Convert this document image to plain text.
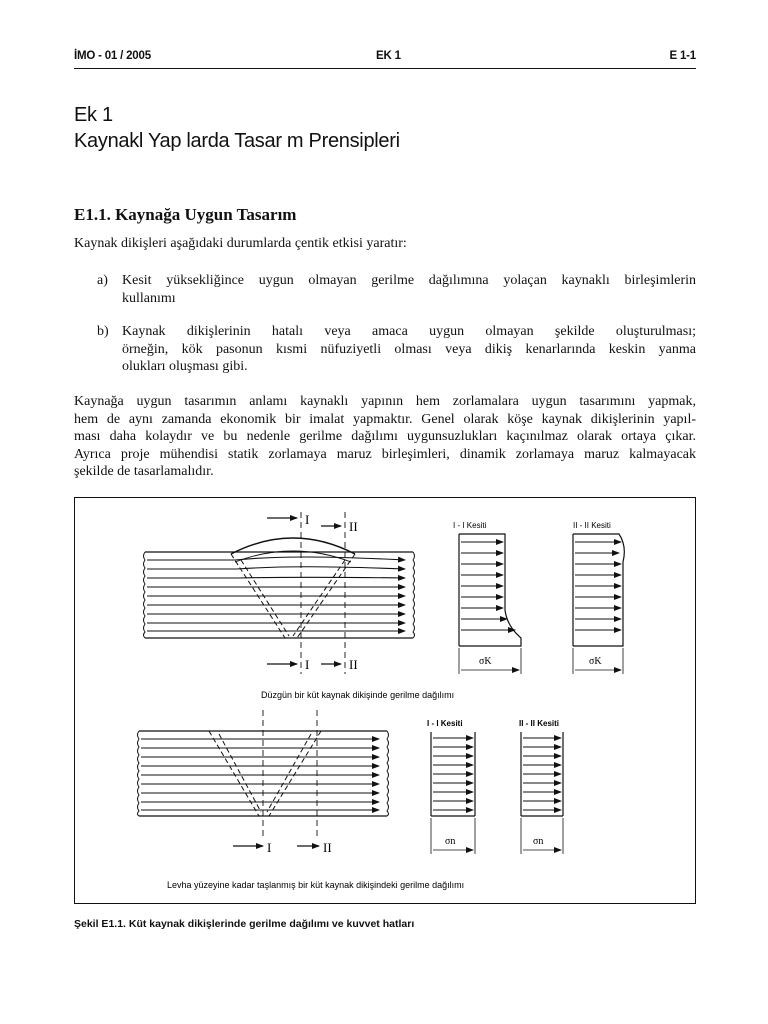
İMO - 01 / 2005	EK 1	E 1-1
Ek 1
Kaynakl Yap larda Tasar m Prensipleri
E1.1. Kaynağa Uygun Tasarım
Kaynak dikişleri aşağıdaki durumlarda çentik etkisi yaratır:
a) Kesit yüksekliğince uygun olmayan gerilme dağılımına yolaçan kaynaklı birleşimlerin
kullanımı
b) Kaynak dikişlerinin hatalı veya amaca uygun olmayan şekilde oluşturulması;
örneğin, kök pasonun kısmi nüfuziyetli olması veya dikiş kenarlarında keskin yanma
olukları oluşması gibi.
Kaynağa uygun tasarımın anlamı kaynaklı yapının hem zorlamalara uygun tasarımını yapmak,
hem de aynı zamanda ekonomik bir imalat yapmaktır. Genel olarak köşe kaynak dikişlerinin yapıl-
ması daha kolaydır ve bu nedenle gerilme dağılımı uygunsuzlukları kaçınılmaz olarak ortaya çıkar.
Ayrıca proje mühendisi statik zorlamaya maruz birleşimleri, dinamik zorlamaya maruz kalmayacak
şekilde de tasarlamalıdır.
I	II
I	II
I - I Kesiti
σK
II - II Kesiti
σK
Düzgün bir küt kaynak dikişinde gerilme dağılımı
I	II
I - I Kesiti
σn
II - II Kesiti
σn
Levha yüzeyine kadar taşlanmış bir küt kaynak dikişindeki gerilme dağılımı
Şekil E1.1. Küt kaynak dikişlerinde gerilme dağılımı ve kuvvet hatları
